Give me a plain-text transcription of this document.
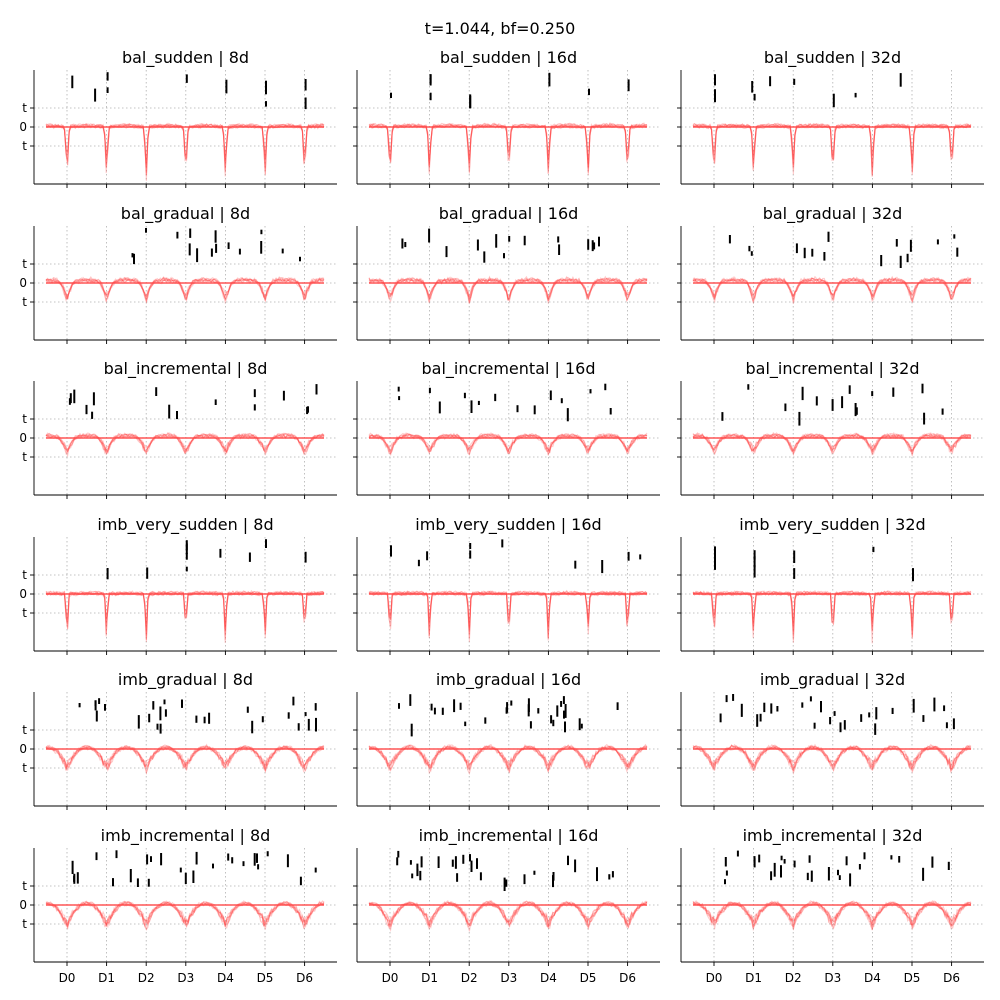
t=1.044, bf=0.250
t
0
t
bal_sudden | 8d	bal_sudden | 16d	bal_sudden | 32d
t
0
t
bal_gradual | 8d	bal_gradual | 16d	bal_gradual | 32d
t
0
t
bal_incremental | 8d	bal_incremental | 16d	bal_incremental | 32d
t
0
t
imb_very_sudden | 8d	imb_very_sudden | 16d	imb_very_sudden | 32d
t
0
t
imb_gradual | 8d	imb_gradual | 16d	imb_gradual | 32d
t
0
t
D0 D1 D2 D3 D4 D5 D6
imb_incremental | 8d
D0 D1 D2 D3 D4 D5 D6
imb_incremental | 16d
D0 D1 D2 D3 D4 D5 D6
imb_incremental | 32d
